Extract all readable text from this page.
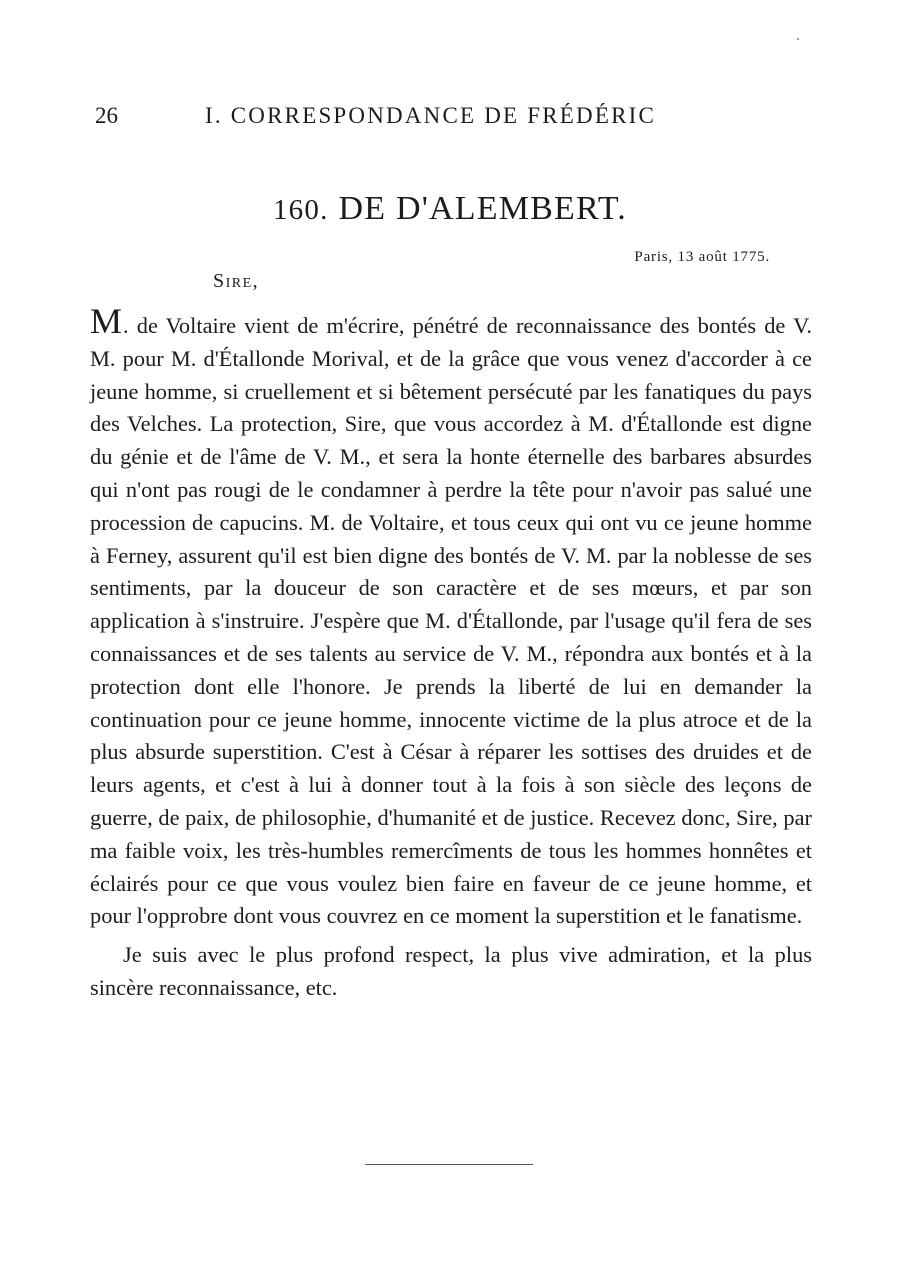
26	I. CORRESPONDANCE DE FRÉDÉRIC
160. DE D'ALEMBERT.
Paris, 13 août 1775.
Sire,

M. de Voltaire vient de m'écrire, pénétré de reconnaissance des bontés de V. M. pour M. d'Étallonde Morival, et de la grâce que vous venez d'accorder à ce jeune homme, si cruellement et si bêtement persécuté par les fanatiques du pays des Velches. La protection, Sire, que vous accordez à M. d'Étallonde est digne du génie et de l'âme de V. M., et sera la honte éternelle des barbares absurdes qui n'ont pas rougi de le condamner à perdre la tête pour n'avoir pas salué une procession de capucins. M. de Voltaire, et tous ceux qui ont vu ce jeune homme à Ferney, assurent qu'il est bien digne des bontés de V. M. par la noblesse de ses sentiments, par la douceur de son caractère et de ses mœurs, et par son application à s'instruire. J'espère que M. d'Étallonde, par l'usage qu'il fera de ses connaissances et de ses talents au service de V. M., répondra aux bontés et à la protection dont elle l'honore. Je prends la liberté de lui en demander la continuation pour ce jeune homme, innocente victime de la plus atroce et de la plus absurde superstition. C'est à César à réparer les sottises des druides et de leurs agents, et c'est à lui à donner tout à la fois à son siècle des leçons de guerre, de paix, de philosophie, d'humanité et de justice. Recevez donc, Sire, par ma faible voix, les très-humbles remercîments de tous les hommes honnêtes et éclairés pour ce que vous voulez bien faire en faveur de ce jeune homme, et pour l'opprobre dont vous couvrez en ce moment la superstition et le fanatisme.

Je suis avec le plus profond respect, la plus vive admiration, et la plus sincère reconnaissance, etc.
